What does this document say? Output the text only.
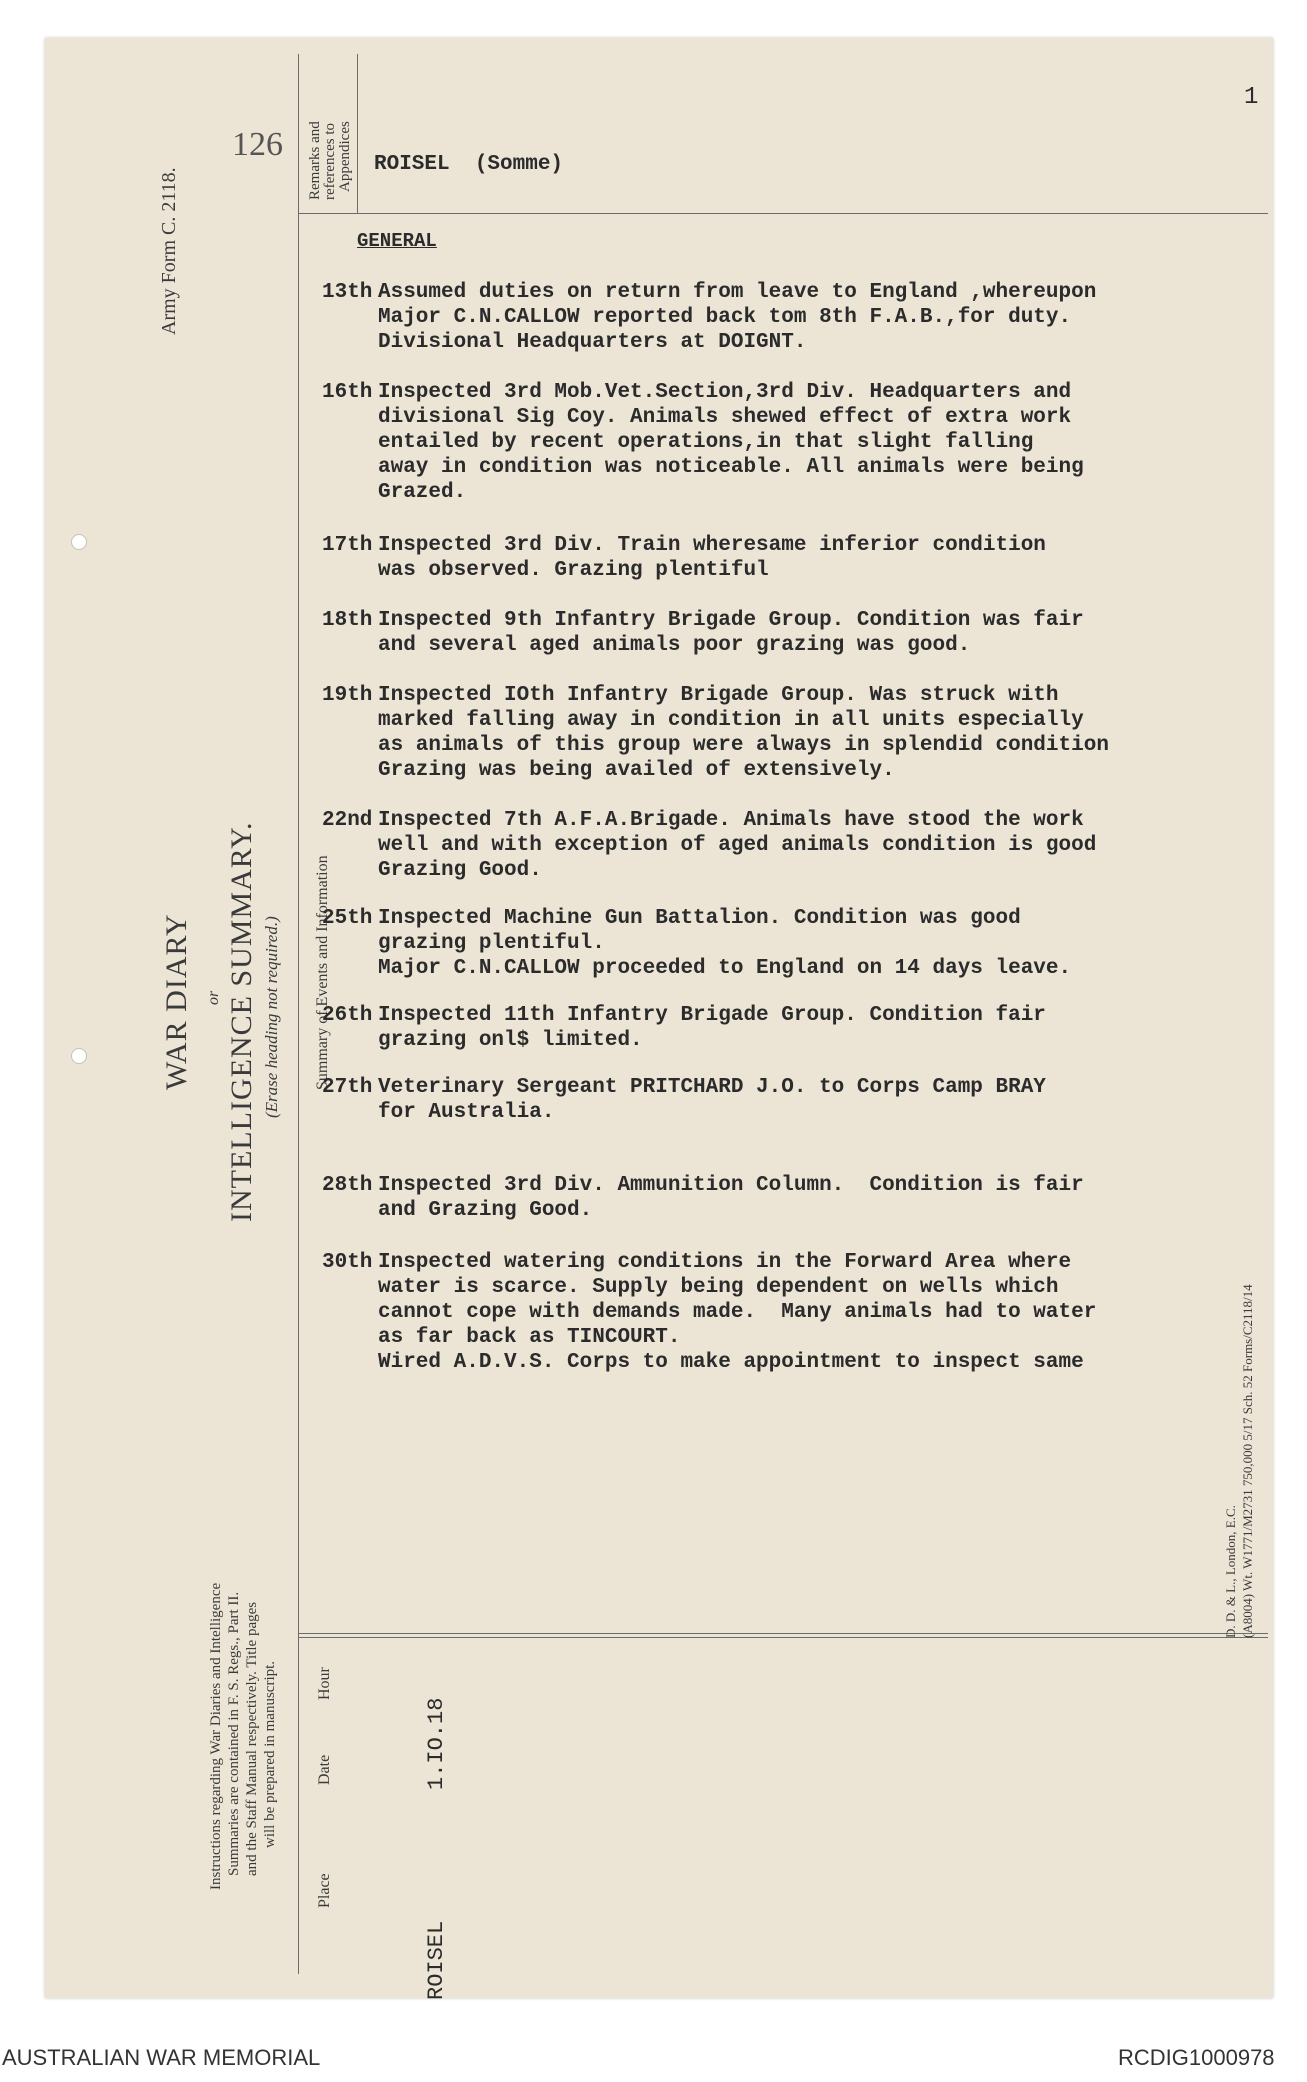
Army Form C. 2118.
WAR DIARY or INTELLIGENCE SUMMARY. (Erase heading not required.)
Instructions regarding War Diaries and Intelligence Summaries are contained in F. S. Regs., Part II. and the Staff Manual respectively. Title pages will be prepared in manuscript.
126 Remarks and references to Appendices
Summary of Events and Information
Hour
Date
Place
1.IO.18
ROISEL
D. D. & L., London, E.C. (A8004) Wt. W1771/M2731 750,000 5/17 Sch. 52 Forms/C2118/14
1
ROISEL  (Somme)
GENERAL
13th Assumed duties on return from leave to England ,whereupon
Major C.N.CALLOW reported back tom 8th F.A.B.,for duty.
Divisional Headquarters at DOIGNT.
16th Inspected 3rd Mob.Vet.Section,3rd Div. Headquarters and
divisional Sig Coy. Animals shewed effect of extra work
entailed by recent operations,in that slight falling
away in condition was noticeable. All animals were being
Grazed.
17th Inspected 3rd Div. Train wheresame inferior condition
was observed. Grazing plentiful
18th Inspected 9th Infantry Brigade Group. Condition was fair
and several aged animals poor grazing was good.
19th Inspected IOth Infantry Brigade Group. Was struck with
marked falling away in condition in all units especially
as animals of this group were always in splendid condition
Grazing was being availed of extensively.
22nd Inspected 7th A.F.A.Brigade. Animals have stood the work
well and with exception of aged animals condition is good
Grazing Good.
25th Inspected Machine Gun Battalion. Condition was good
grazing plentiful.
Major C.N.CALLOW proceeded to England on 14 days leave.
26th Inspected 11th Infantry Brigade Group. Condition fair
grazing onl$ limited.
27th Veterinary Sergeant PRITCHARD J.O. to Corps Camp BRAY
for Australia.
28th Inspected 3rd Div. Ammunition Column.  Condition is fair
and Grazing Good.
30th Inspected watering conditions in the Forward Area where
water is scarce. Supply being dependent on wells which
cannot cope with demands made.  Many animals had to water
as far back as TINCOURT.
Wired A.D.V.S. Corps to make appointment to inspect same
AUSTRALIAN WAR MEMORIAL	RCDIG1000978
